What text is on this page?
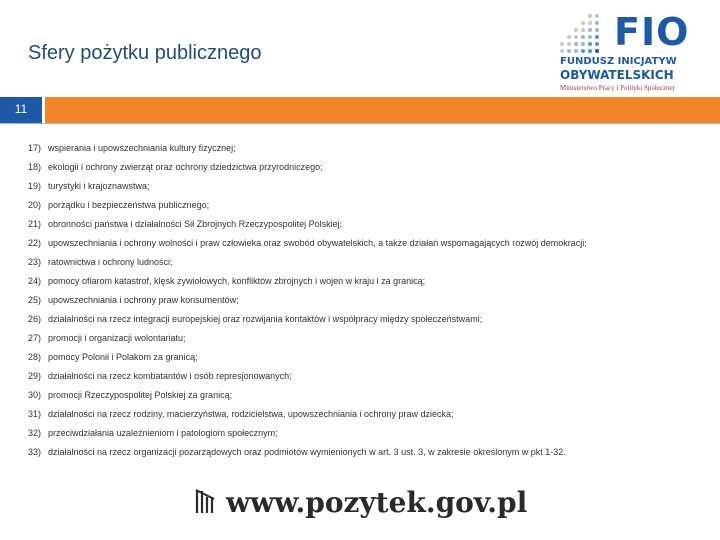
Sfery pożytku publicznego	FIO
FUNDUSZ INICJATYW
OBYWATELSKICH
Ministerstwo Pracy i Polityki Społecznej
11
17) wspierania i upowszechniania kultury fizycznej;
18) ekologii i ochrony zwierząt oraz ochrony dziedzictwa przyrodniczego;
19) turystyki i krajoznawstwa;
20) porządku i bezpieczeństwa publicznego;
21) obronności państwa i działalności Sił Zbrojnych Rzeczypospolitej Polskiej;
22) upowszechniania i ochrony wolności i praw człowieka oraz swobód obywatelskich, a także działań wspomagających rozwój demokracji;
23) ratownictwa i ochrony ludności;
24) pomocy ofiarom katastrof, klęsk żywiołowych, konfliktów zbrojnych i wojen w kraju i za granicą;
25) upowszechniania i ochrony praw konsumentów;
26) działalności na rzecz integracji europejskiej oraz rozwijania kontaktów i współpracy między społeczeństwami;
27) promocji i organizacji wolontariatu;
28) pomocy Polonii i Polakom za granicą;
29) działalności na rzecz kombatantów i osób represjonowanych;
30) promocji Rzeczypospolitej Polskiej za granicą;
31) działalności na rzecz rodziny, macierzyństwa, rodzicielstwa, upowszechniania i ochrony praw dziecka;
32) przeciwdziałania uzależnieniom i patologiom społecznym;
33) działalności na rzecz organizacji pozarządowych oraz podmiotów wymienionych w art. 3 ust. 3, w zakresie określonym w pkt 1-32.
www.pozytek.gov.pl
